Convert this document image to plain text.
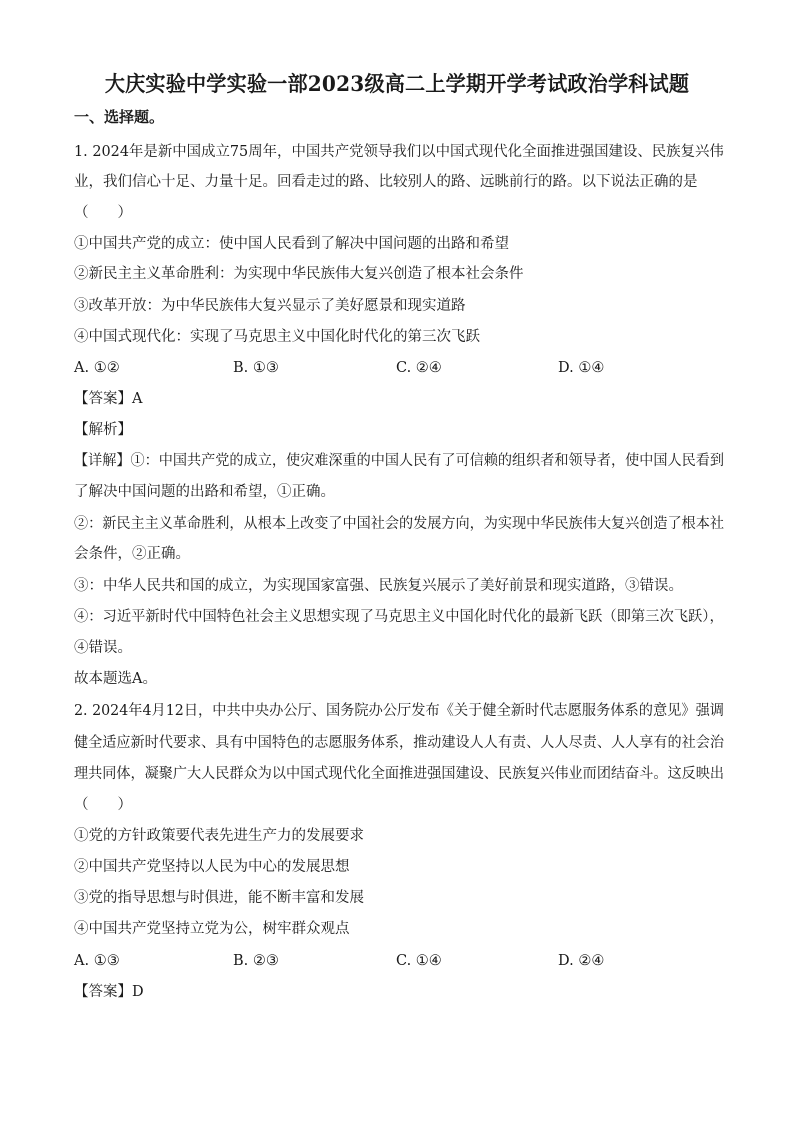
大庆实验中学实验一部2023级高二上学期开学考试政治学科试题
一、选择题。
1. 2024年是新中国成立75周年，中国共产党领导我们以中国式现代化全面推进强国建设、民族复兴伟
业，我们信心十足、力量十足。回看走过的路、比较别人的路、远眺前行的路。以下说法正确的是
（　　）
①中国共产党的成立：使中国人民看到了解决中国问题的出路和希望
②新民主主义革命胜利：为实现中华民族伟大复兴创造了根本社会条件
③改革开放：为中华民族伟大复兴显示了美好愿景和现实道路
④中国式现代化：实现了马克思主义中国化时代化的第三次飞跃
A. ①②	B. ①③	C. ②④	D. ①④
【答案】A
【解析】
【详解】①：中国共产党的成立，使灾难深重的中国人民有了可信赖的组织者和领导者，使中国人民看到
了解决中国问题的出路和希望，①正确。
②：新民主主义革命胜利，从根本上改变了中国社会的发展方向，为实现中华民族伟大复兴创造了根本社
会条件，②正确。
③：中华人民共和国的成立，为实现国家富强、民族复兴展示了美好前景和现实道路，③错误。
④：习近平新时代中国特色社会主义思想实现了马克思主义中国化时代化的最新飞跃（即第三次飞跃），
④错误。
故本题选A。
2. 2024年4月12日，中共中央办公厅、国务院办公厅发布《关于健全新时代志愿服务体系的意见》强调
健全适应新时代要求、具有中国特色的志愿服务体系，推动建设人人有责、人人尽责、人人享有的社会治
理共同体，凝聚广大人民群众为以中国式现代化全面推进强国建设、民族复兴伟业而团结奋斗。这反映出
（　　）
①党的方针政策要代表先进生产力的发展要求
②中国共产党坚持以人民为中心的发展思想
③党的指导思想与时俱进，能不断丰富和发展
④中国共产党坚持立党为公，树牢群众观点
A. ①③	B. ②③	C. ①④	D. ②④
【答案】D
